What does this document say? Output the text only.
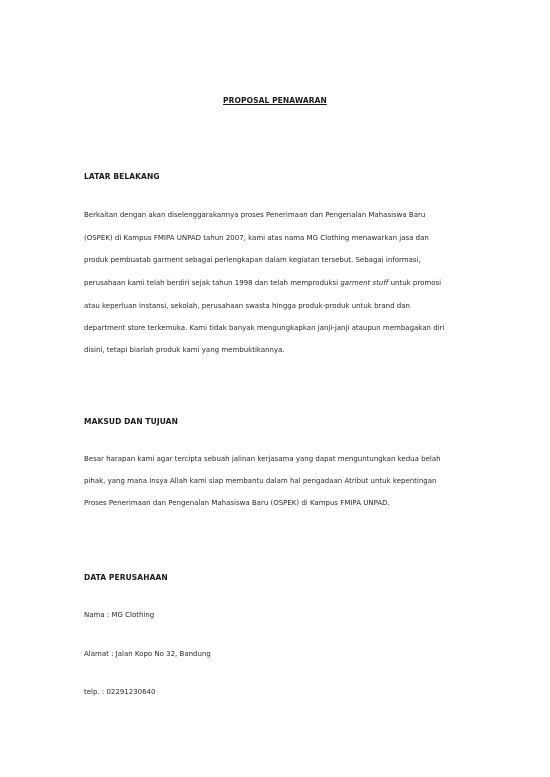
PROPOSAL PENAWARAN
LATAR BELAKANG
Berkaitan dengan akan diselenggarakannya proses Penerimaan dan Pengenalan Mahasiswa Baru
(OSPEK) di Kampus FMIPA UNPAD tahun 2007, kami atas nama MG Clothing menawarkan jasa dan
produk pembuatab garment sebagai perlengkapan dalam kegiatan tersebut. Sebagai informasi,
perusahaan kami telah berdiri sejak tahun 1998 dan telah memproduksi garment stuff untuk promosi
atau keperluan instansi, sekolah, perusahaan swasta hingga produk-produk untuk brand dan
department store terkemuka. Kami tidak banyak mengungkapkan janji-janji ataupun membagakan diri
disini, tetapi biarlah produk kami yang membuktikannya.
MAKSUD DAN TUJUAN
Besar harapan kami agar tercipta sebuah jalinan kerjasama yang dapat menguntungkan kedua belah
pihak, yang mana Insya Allah kami siap membantu dalam hal pengadaan Atribut untuk kepentingan
Proses Penerimaan dan Pengenalan Mahasiswa Baru (OSPEK) di Kampus FMIPA UNPAD.
DATA PERUSAHAAN
Nama : MG Clothing
Alamat : Jalan Kopo No 32, Bandung
telp. : 02291230640
